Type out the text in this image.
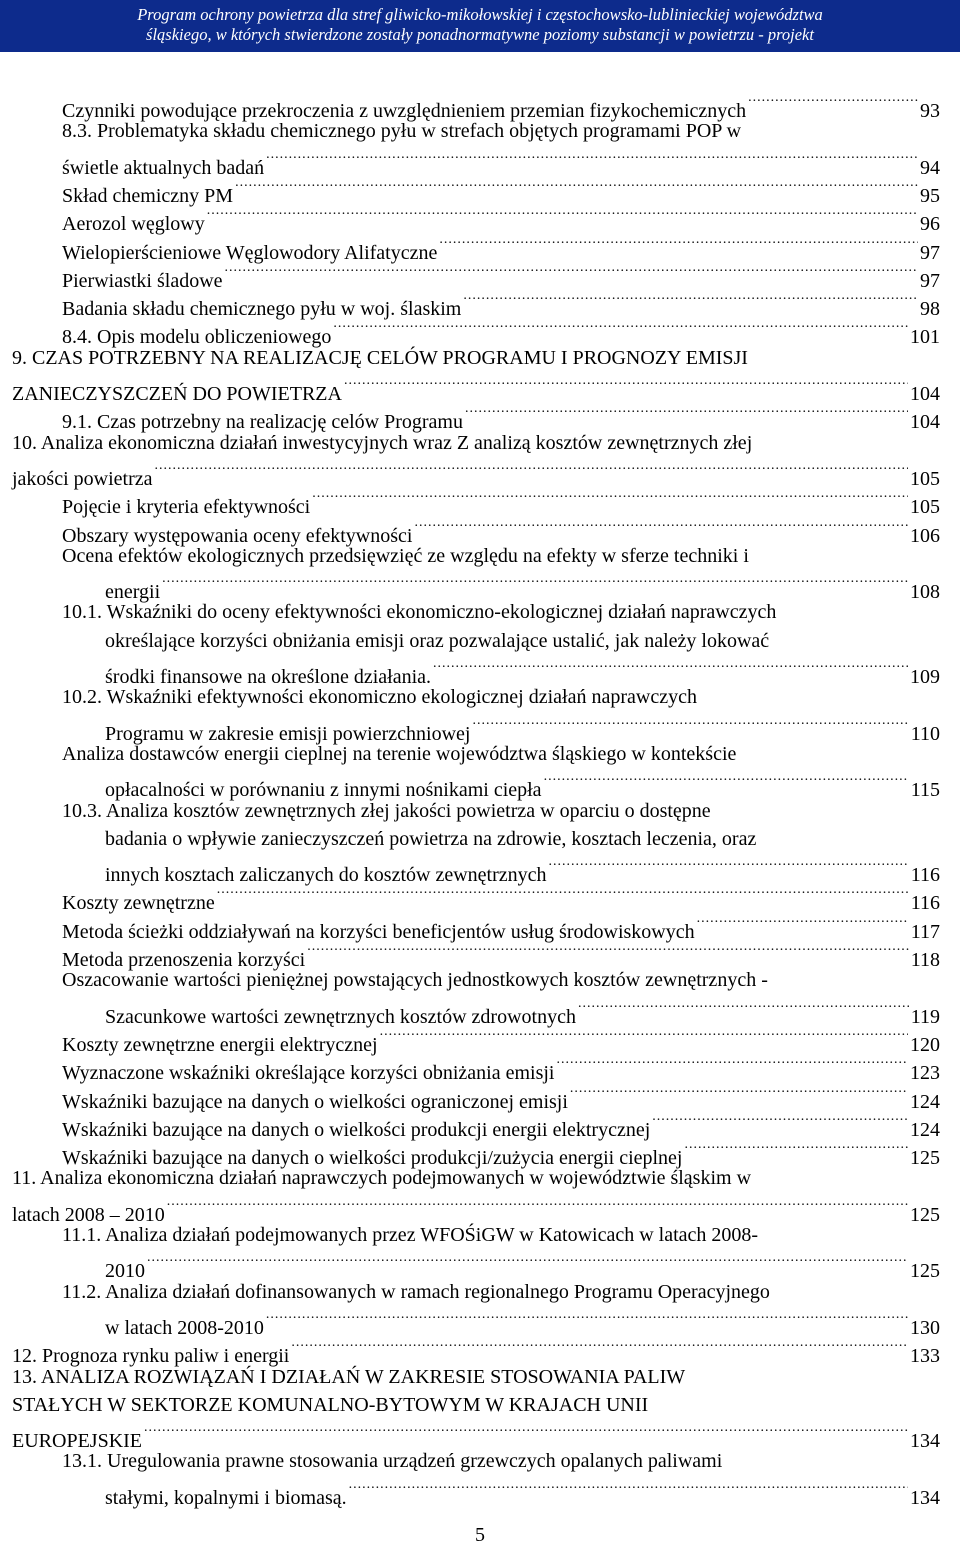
Program ochrony powietrza dla stref gliwicko-mikołowskiej i częstochowsko-lublinieckiej województwa
śląskiego, w których stwierdzone zostały ponadnormatywne poziomy substancji w powietrzu - projekt
Czynniki powodujące przekroczenia z uwzględnieniem przemian fizykochemicznych .....	93
8.3. Problematyka składu chemicznego pyłu w strefach objętych programami POP w
świetle aktualnych badań .....	94
Skład chemiczny PM .....	95
Aerozol węglowy .....	96
Wielopierścieniowe Węglowodory Alifatyczne .....	97
Pierwiastki śladowe .....	97
Badania składu chemicznego pyłu w woj. ślaskim .....	98
8.4. Opis modelu obliczeniowego .....	101
9. CZAS POTRZEBNY NA REALIZACJĘ CELÓW PROGRAMU I PROGNOZY EMISJI
ZANIECZYSZCZEŃ DO POWIETRZA .....	104
9.1. Czas potrzebny na realizację celów Programu .....	104
10. Analiza ekonomiczna działań inwestycyjnych wraz Z analizą kosztów zewnętrznych złej
jakości powietrza .....	105
Pojęcie i kryteria efektywności .....	105
Obszary występowania oceny efektywności .....	106
Ocena efektów ekologicznych przedsięwzięć ze względu na efekty w sferze techniki i
energii .....	108
10.1. Wskaźniki do oceny efektywności ekonomiczno-ekologicznej działań naprawczych
określające korzyści obniżania emisji oraz pozwalające ustalić, jak należy lokować
środki finansowe na określone działania. .....	109
10.2. Wskaźniki efektywności ekonomiczno ekologicznej działań naprawczych
Programu w zakresie emisji powierzchniowej .....	110
Analiza dostawców energii cieplnej na terenie województwa śląskiego w kontekście
opłacalności w porównaniu z innymi nośnikami ciepła .....	115
10.3. Analiza kosztów zewnętrznych złej jakości powietrza w oparciu o dostępne
badania o wpływie zanieczyszczeń powietrza na zdrowie, kosztach leczenia, oraz
innych kosztach zaliczanych do kosztów zewnętrznych .....	116
Koszty zewnętrzne .....	116
Metoda ścieżki oddziaływań na korzyści beneficjentów usług środowiskowych .....	117
Metoda przenoszenia korzyści .....	118
Oszacowanie wartości pieniężnej powstających jednostkowych kosztów zewnętrznych -
Szacunkowe wartości zewnętrznych kosztów zdrowotnych .....	119
Koszty zewnętrzne energii elektrycznej .....	120
Wyznaczone wskaźniki określające korzyści obniżania emisji .....	123
Wskaźniki bazujące na danych o wielkości ograniczonej emisji .....	124
Wskaźniki bazujące na danych o wielkości produkcji energii elektrycznej .....	124
Wskaźniki bazujące na danych o wielkości produkcji/zużycia energii cieplnej .....	125
11. Analiza ekonomiczna działań naprawczych podejmowanych w województwie śląskim w
latach 2008 – 2010 .....	125
11.1. Analiza działań podejmowanych przez WFOŚiGW w Katowicach w latach 2008-
2010 .....	125
11.2. Analiza działań dofinansowanych w ramach regionalnego Programu Operacyjnego
w latach 2008-2010 .....	130
12. Prognoza rynku paliw i energii .....	133
13. ANALIZA ROZWIĄZAŃ I DZIAŁAŃ W ZAKRESIE STOSOWANIA PALIW
STAŁYCH W SEKTORZE KOMUNALNO-BYTOWYM W KRAJACH UNII
EUROPEJSKIE .....	134
13.1. Uregulowania prawne stosowania urządzeń grzewczych opalanych paliwami
stałymi, kopalnymi i biomasą. .....	134
5
